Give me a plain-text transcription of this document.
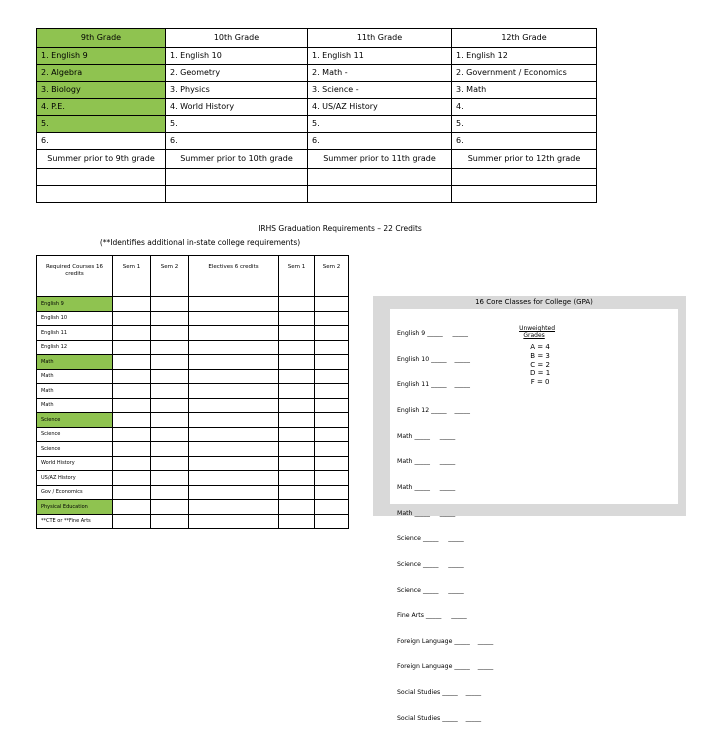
9th Grade	10th Grade	11th Grade	12th Grade
1. English 9	1. English 10	1. English 11	1. English 12
2. Algebra	2. Geometry	2. Math -	2. Government / Economics
3. Biology	3. Physics	3. Science -	3. Math
4. P.E.	4. World History	4. US/AZ History	4.
5.	5.	5.	5.
6.	6.	6.	6.
Summer prior to 9th grade	Summer prior to 10th grade	Summer prior to 11th grade	Summer prior to 12th grade

IRHS Graduation Requirements – 22 Credits
(**Identifies additional in-state college requirements)
Required Courses 16 credits	Sem 1	Sem 2	Electives 6 credits	Sem 1	Sem 2
English 9					
English 10					
English 11					
English 12					
Math					
Math					
Math					
Math					
Science					
Science					
Science					
World History					
US/AZ History					
Gov / Economics					
Physical Education					
**CTE or **Fine Arts					
16 Core Classes for College (GPA)

English 9 _____     _____

English 10 _____    _____

English 11 _____    _____

English 12 _____    _____

Math _____     _____

Math _____     _____

Math _____     _____

Math _____     _____

Science _____     _____

Science _____     _____

Science _____     _____

Fine Arts _____     _____

Foreign Language _____    _____

Foreign Language _____    _____

Social Studies _____    _____

Social Studies _____    _____

Unweighted Grades
A = 4
B = 3
C = 2
D = 1
F = 0
